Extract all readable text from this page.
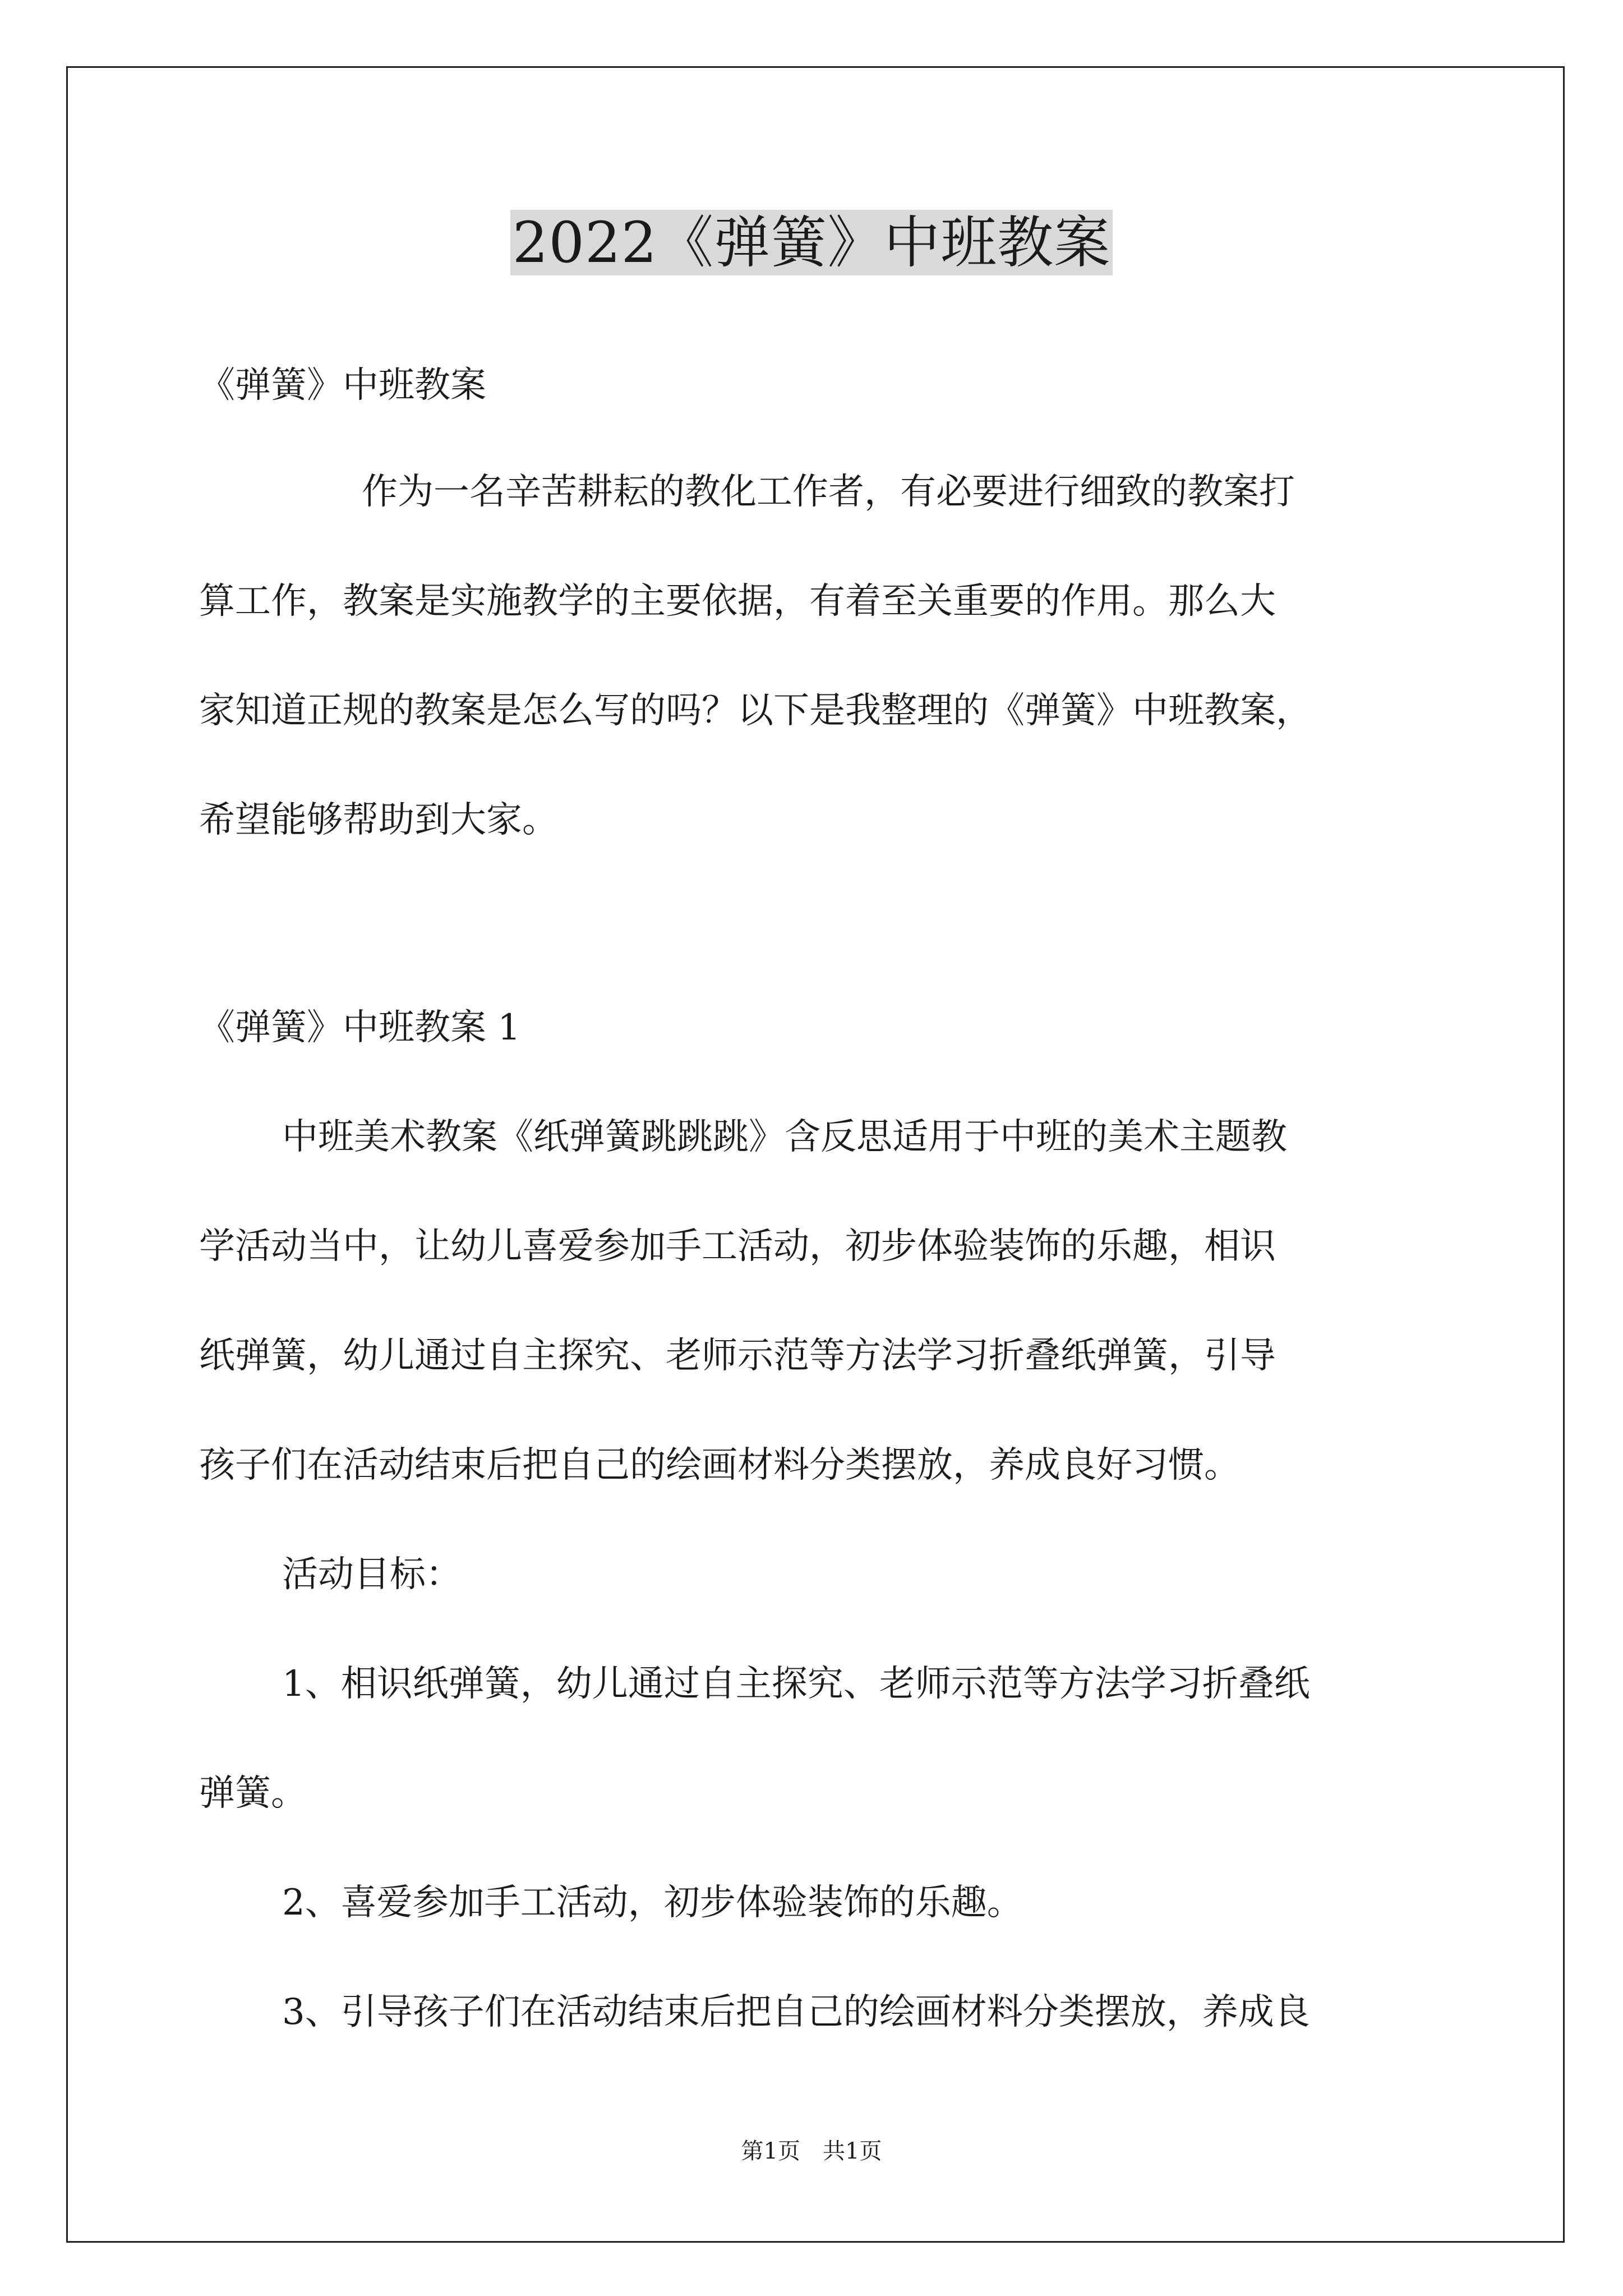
2022《弹簧》中班教案

《弹簧》中班教案

作为一名辛苦耕耘的教化工作者，有必要进行细致的教案打

算工作，教案是实施教学的主要依据，有着至关重要的作用。那么大

家知道正规的教案是怎么写的吗？以下是我整理的《弹簧》中班教案，

希望能够帮助到大家。

《弹簧》中班教案 1

中班美术教案《纸弹簧跳跳跳》含反思适用于中班的美术主题教

学活动当中，让幼儿喜爱参加手工活动，初步体验装饰的乐趣，相识

纸弹簧，幼儿通过自主探究、老师示范等方法学习折叠纸弹簧，引导

孩子们在活动结束后把自己的绘画材料分类摆放，养成良好习惯。

活动目标：

1、相识纸弹簧，幼儿通过自主探究、老师示范等方法学习折叠纸

弹簧。

2、喜爱参加手工活动，初步体验装饰的乐趣。

3、引导孩子们在活动结束后把自己的绘画材料分类摆放，养成良

第1页　共1页
